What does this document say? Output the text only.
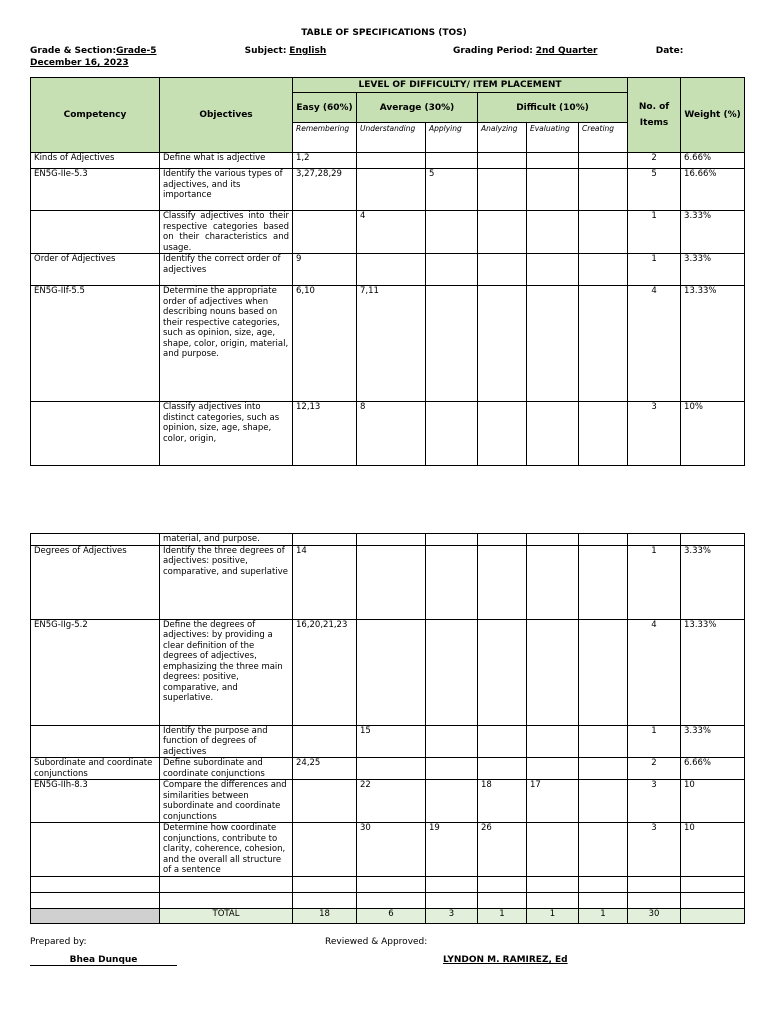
TABLE OF SPECIFICATIONS (TOS)
Grade & Section:Grade-5	Subject: English	Grading Period: 2nd Quarter	Date:December 16, 2023
Competency	Objectives	LEVEL OF DIFFICULTY/ ITEM PLACEMENT						No. of Items	Weight (%)
		Easy (60%)	Average (30%)		Difficult (10%)				
		Remembering	Understanding	Applying	Analyzing	Evaluating	Creating		
Kinds of Adjectives	Define what is adjective	1,2						2	6.66%
EN5G-IIe-5.3	Identify the various types of adjectives, and its importance	3,27,28,29		5				5	16.66%
	Classify adjectives into their respective categories based on their characteristics and usage.		4					1	3.33%
Order of Adjectives	Identify the correct order of adjectives	9						1	3.33%
EN5G-IIf-5.5	Determine the appropriate order of adjectives when describing nouns based on their respective categories, such as opinion, size, age, shape, color, origin, material, and purpose.	6,10	7,11					4	13.33%
	Classify adjectives into distinct categories, such as opinion, size, age, shape, color, origin,	12,13	8					3	10%
	material, and purpose.								
Degrees of Adjectives	Identify the three degrees of adjectives: positive, comparative, and superlative	14						1	3.33%
EN5G-IIg-5.2	Define the degrees of adjectives: by providing a clear definition of the degrees of adjectives, emphasizing the three main degrees: positive, comparative, and superlative.	16,20,21,23						4	13.33%
	Identify the purpose and function of degrees of adjectives		15					1	3.33%
Subordinate and coordinate conjunctions	Define subordinate and coordinate conjunctions	24,25						2	6.66%
EN5G-IIh-8.3	Compare the differences and similarities between subordinate and coordinate conjunctions		22		18	17		3	10
	Determine how coordinate conjunctions, contribute to clarity, coherence, cohesion, and the overall all structure of a sentence		30	19	26			3	10

	TOTAL	18	6	3	1	1	1	30	
Prepared by:
Bhea Dunque
Reviewed & Approved:
LYNDON M. RAMIREZ, Ed
